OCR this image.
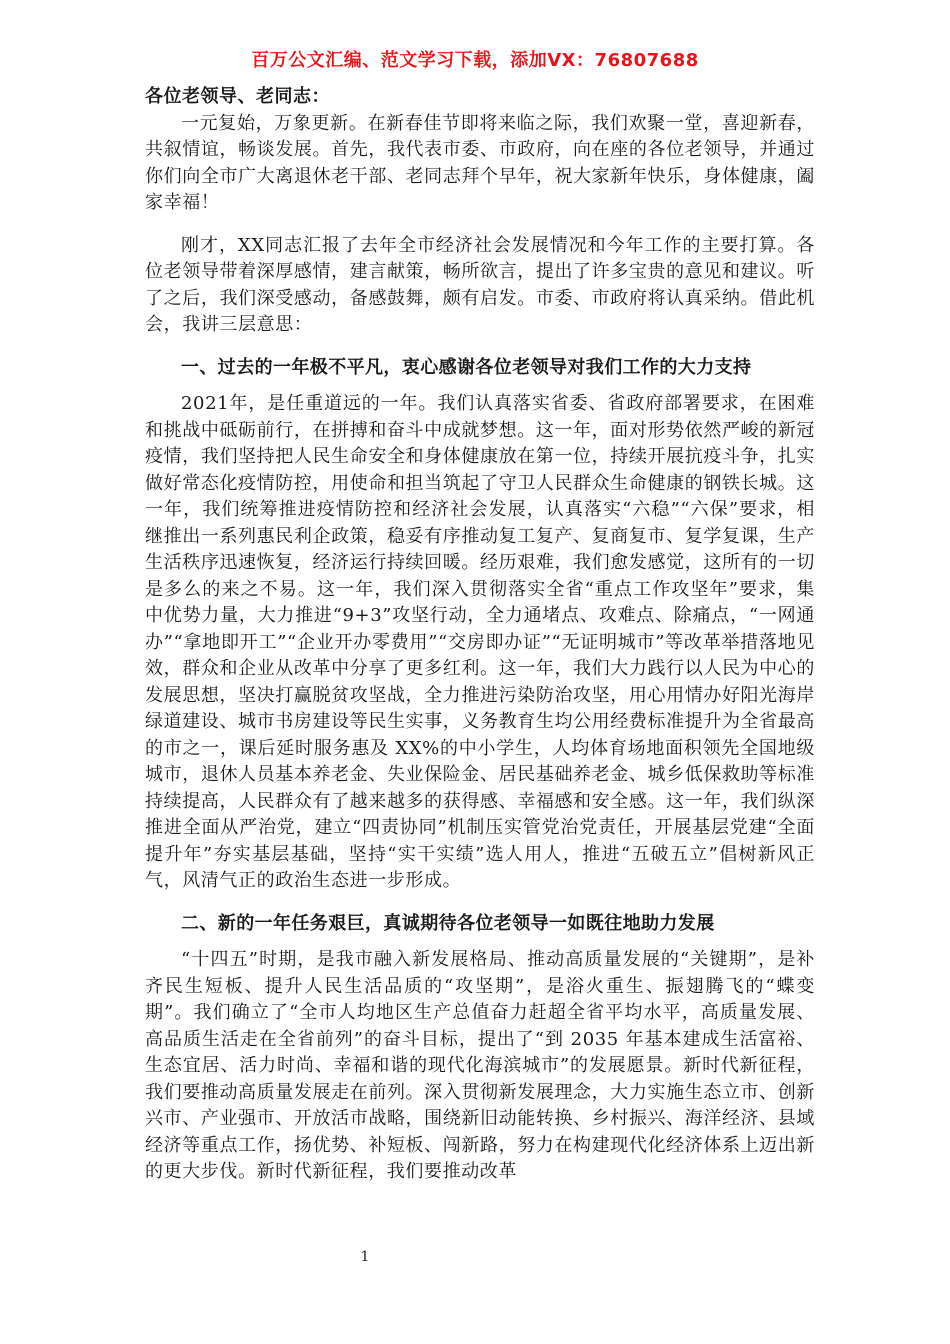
百万公文汇编、范文学习下载，添加VX：76807688

各位老领导、老同志：

一元复始，万象更新。在新春佳节即将来临之际，我们欢聚一堂，喜迎新春，共叙情谊，畅谈发展。首先，我代表市委、市政府，向在座的各位老领导，并通过你们向全市广大离退休老干部、老同志拜个早年，祝大家新年快乐，身体健康，阖家幸福！

刚才，XX同志汇报了去年全市经济社会发展情况和今年工作的主要打算。各位老领导带着深厚感情，建言献策，畅所欲言，提出了许多宝贵的意见和建议。听了之后，我们深受感动，备感鼓舞，颇有启发。市委、市政府将认真采纳。借此机会，我讲三层意思：

一、过去的一年极不平凡，衷心感谢各位老领导对我们工作的大力支持

2021年，是任重道远的一年。我们认真落实省委、省政府部署要求，在困难和挑战中砥砺前行，在拼搏和奋斗中成就梦想。这一年，面对形势依然严峻的新冠疫情，我们坚持把人民生命安全和身体健康放在第一位，持续开展抗疫斗争，扎实做好常态化疫情防控，用使命和担当筑起了守卫人民群众生命健康的钢铁长城。这一年，我们统筹推进疫情防控和经济社会发展，认真落实“六稳”“六保”要求，相继推出一系列惠民利企政策，稳妥有序推动复工复产、复商复市、复学复课，生产生活秩序迅速恢复，经济运行持续回暖。经历艰难，我们愈发感觉，这所有的一切是多么的来之不易。这一年，我们深入贯彻落实全省“重点工作攻坚年”要求，集中优势力量，大力推进“9+3”攻坚行动，全力通堵点、攻难点、除痛点，“一网通办”“拿地即开工”“企业开办零费用”“交房即办证”“无证明城市”等改革举措落地见效，群众和企业从改革中分享了更多红利。这一年，我们大力践行以人民为中心的发展思想，坚决打赢脱贫攻坚战，全力推进污染防治攻坚，用心用情办好阳光海岸绿道建设、城市书房建设等民生实事，义务教育生均公用经费标准提升为全省最高的市之一，课后延时服务惠及 XX%的中小学生，人均体育场地面积领先全国地级城市，退休人员基本养老金、失业保险金、居民基础养老金、城乡低保救助等标准持续提高，人民群众有了越来越多的获得感、幸福感和安全感。这一年，我们纵深推进全面从严治党，建立“四责协同”机制压实管党治党责任，开展基层党建“全面提升年”夯实基层基础，坚持“实干实绩”选人用人，推进“五破五立”倡树新风正气，风清气正的政治生态进一步形成。

二、新的一年任务艰巨，真诚期待各位老领导一如既往地助力发展

“十四五”时期，是我市融入新发展格局、推动高质量发展的“关键期”，是补齐民生短板、提升人民生活品质的“攻坚期”，是浴火重生、振翅腾飞的“蝶变期”。我们确立了“全市人均地区生产总值奋力赶超全省平均水平，高质量发展、高品质生活走在全省前列”的奋斗目标，提出了“到 2035 年基本建成生活富裕、生态宜居、活力时尚、幸福和谐的现代化海滨城市”的发展愿景。新时代新征程，我们要推动高质量发展走在前列。深入贯彻新发展理念，大力实施生态立市、创新兴市、产业强市、开放活市战略，围绕新旧动能转换、乡村振兴、海洋经济、县域经济等重点工作，扬优势、补短板、闯新路，努力在构建现代化经济体系上迈出新的更大步伐。新时代新征程，我们要推动改革

1
